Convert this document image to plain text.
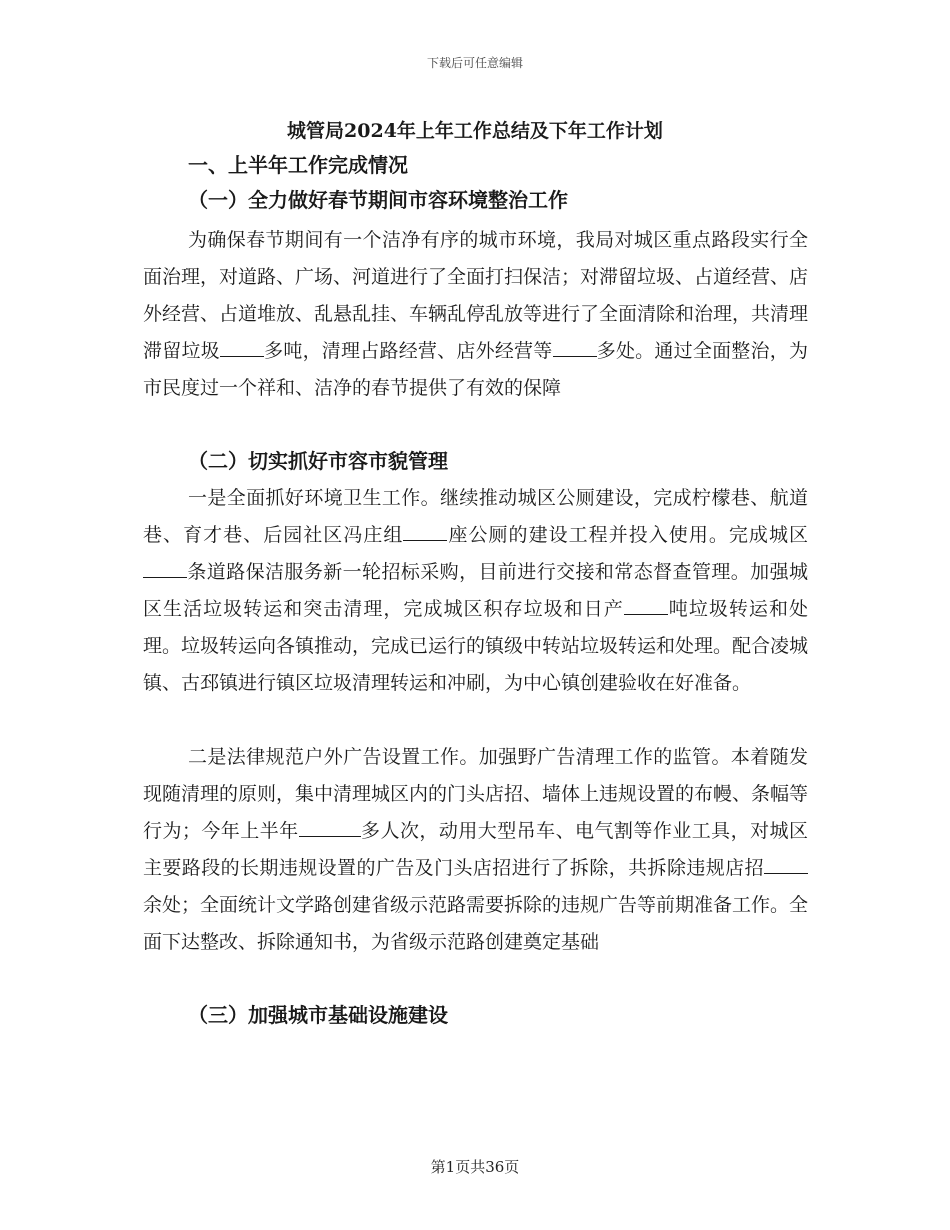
下载后可任意编辑
城管局2024年上年工作总结及下年工作计划
一、上半年工作完成情况
（一）全力做好春节期间市容环境整治工作

为确保春节期间有一个洁净有序的城市环境，我局对城区重点路段实行全面治理，对道路、广场、河道进行了全面打扫保洁；对滞留垃圾、占道经营、店外经营、占道堆放、乱悬乱挂、车辆乱停乱放等进行了全面清除和治理，共清理滞留垃圾 多吨，清理占路经营、店外经营等 多处。通过全面整治，为市民度过一个祥和、洁净的春节提供了有效的保障

（二）切实抓好市容市貌管理

一是全面抓好环境卫生工作。继续推动城区公厕建设，完成柠檬巷、航道巷、育才巷、后园社区冯庄组 座公厕的建设工程并投入使用。完成城区条道路保洁服务新一轮招标采购，目前进行交接和常态督查管理。加强城区生活垃圾转运和突击清理，完成城区积存垃圾和日产 吨垃圾转运和处理。垃圾转运向各镇推动，完成已运行的镇级中转站垃圾转运和处理。配合凌城镇、古邳镇进行镇区垃圾清理转运和冲刷，为中心镇创建验收在好准备。

二是法律规范户外广告设置工作。加强野广告清理工作的监管。本着随发现随清理的原则，集中清理城区内的门头店招、墙体上违规设置的布幔、条幅等行为；今年上半年	多人次，动用大型吊车、电气割等作业工具，对城区主要路段的长期违规设置的广告及门头店招进行了拆除，共拆除违规店招余处；全面统计文学路创建省级示范路需要拆除的违规广告等前期准备工作。全面下达整改、拆除通知书，为省级示范路创建奠定基础

（三）加强城市基础设施建设
第1页共36页
